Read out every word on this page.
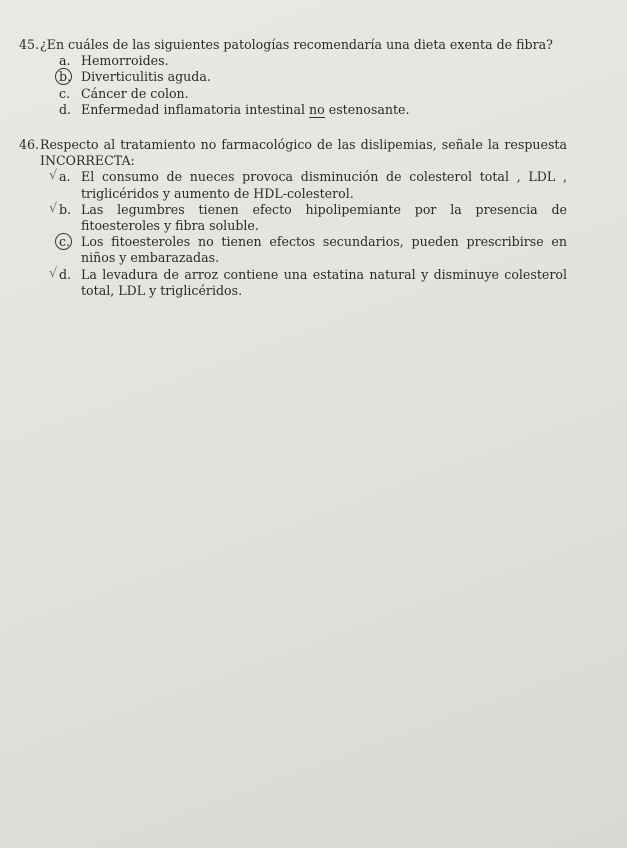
45. ¿En cuáles de las siguientes patologías recomendaría una dieta exenta de fibra?
a. Hemorroides.
b. Diverticulitis aguda.
c. Cáncer de colon.
d. Enfermedad inflamatoria intestinal no estenosante.
46. Respecto al tratamiento no farmacológico de las dislipemias, señale la respuesta INCORRECTA:
√ a. El consumo de nueces provoca disminución de colesterol total , LDL , triglicéridos y aumento de HDL-colesterol.
√ b. Las legumbres tienen efecto hipolipemiante por la presencia de fitoesteroles y fibra soluble.
c. Los fitoesteroles no tienen efectos secundarios, pueden prescribirse en niños y embarazadas.
√ d. La levadura de arroz contiene una estatina natural y disminuye colesterol total, LDL y triglicéridos.
